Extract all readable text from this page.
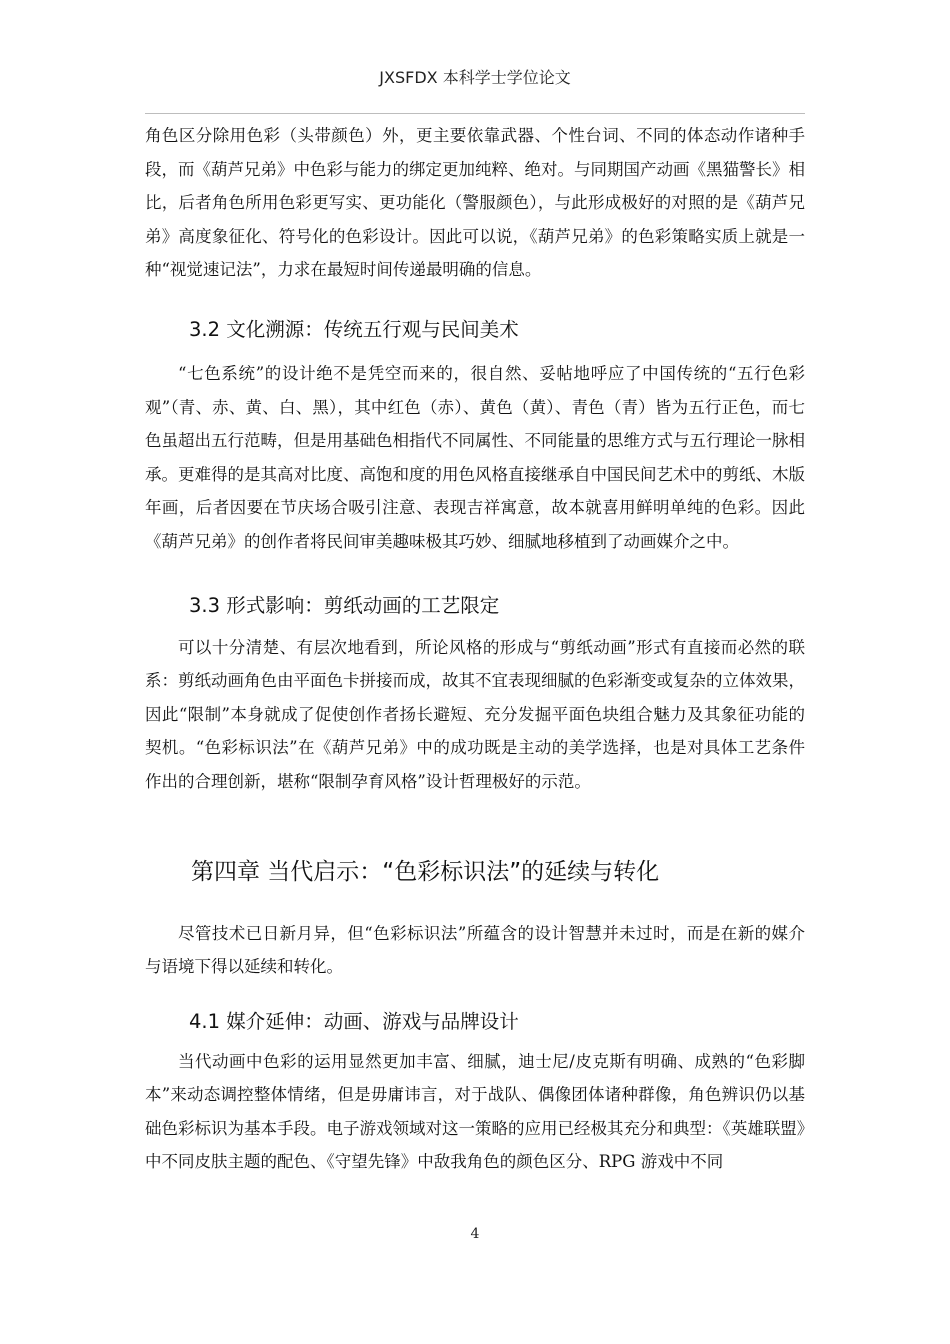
JXSFDX 本科学士学位论文

角色区分除用色彩（头带颜色）外，更主要依靠武器、个性台词、不同的体态动作诸种手段，而《葫芦兄弟》中色彩与能力的绑定更加纯粹、绝对。与同期国产动画《黑猫警长》相比，后者角色所用色彩更写实、更功能化（警服颜色），与此形成极好的对照的是《葫芦兄弟》高度象征化、符号化的色彩设计。因此可以说，《葫芦兄弟》的色彩策略实质上就是一种“视觉速记法”，力求在最短时间传递最明确的信息。

3.2 文化溯源：传统五行观与民间美术

“七色系统”的设计绝不是凭空而来的，很自然、妥帖地呼应了中国传统的“五行色彩观”（青、赤、黄、白、黑），其中红色（赤）、黄色（黄）、青色（青）皆为五行正色，而七色虽超出五行范畴，但是用基础色相指代不同属性、不同能量的思维方式与五行理论一脉相承。更难得的是其高对比度、高饱和度的用色风格直接继承自中国民间艺术中的剪纸、木版年画，后者因要在节庆场合吸引注意、表现吉祥寓意，故本就喜用鲜明单纯的色彩。因此《葫芦兄弟》的创作者将民间审美趣味极其巧妙、细腻地移植到了动画媒介之中。

3.3 形式影响：剪纸动画的工艺限定

可以十分清楚、有层次地看到，所论风格的形成与“剪纸动画”形式有直接而必然的联系：剪纸动画角色由平面色卡拼接而成，故其不宜表现细腻的色彩渐变或复杂的立体效果，因此“限制”本身就成了促使创作者扬长避短、充分发掘平面色块组合魅力及其象征功能的契机。“色彩标识法”在《葫芦兄弟》中的成功既是主动的美学选择，也是对具体工艺条件作出的合理创新，堪称“限制孕育风格”设计哲理极好的示范。

第四章 当代启示：“色彩标识法”的延续与转化

尽管技术已日新月异，但“色彩标识法”所蕴含的设计智慧并未过时，而是在新的媒介与语境下得以延续和转化。

4.1 媒介延伸：动画、游戏与品牌设计

当代动画中色彩的运用显然更加丰富、细腻，迪士尼/皮克斯有明确、成熟的“色彩脚本”来动态调控整体情绪，但是毋庸讳言，对于战队、偶像团体诸种群像，角色辨识仍以基础色彩标识为基本手段。电子游戏领域对这一策略的应用已经极其充分和典型：《英雄联盟》中不同皮肤主题的配色、《守望先锋》中敌我角色的颜色区分、RPG 游戏中不同

4
